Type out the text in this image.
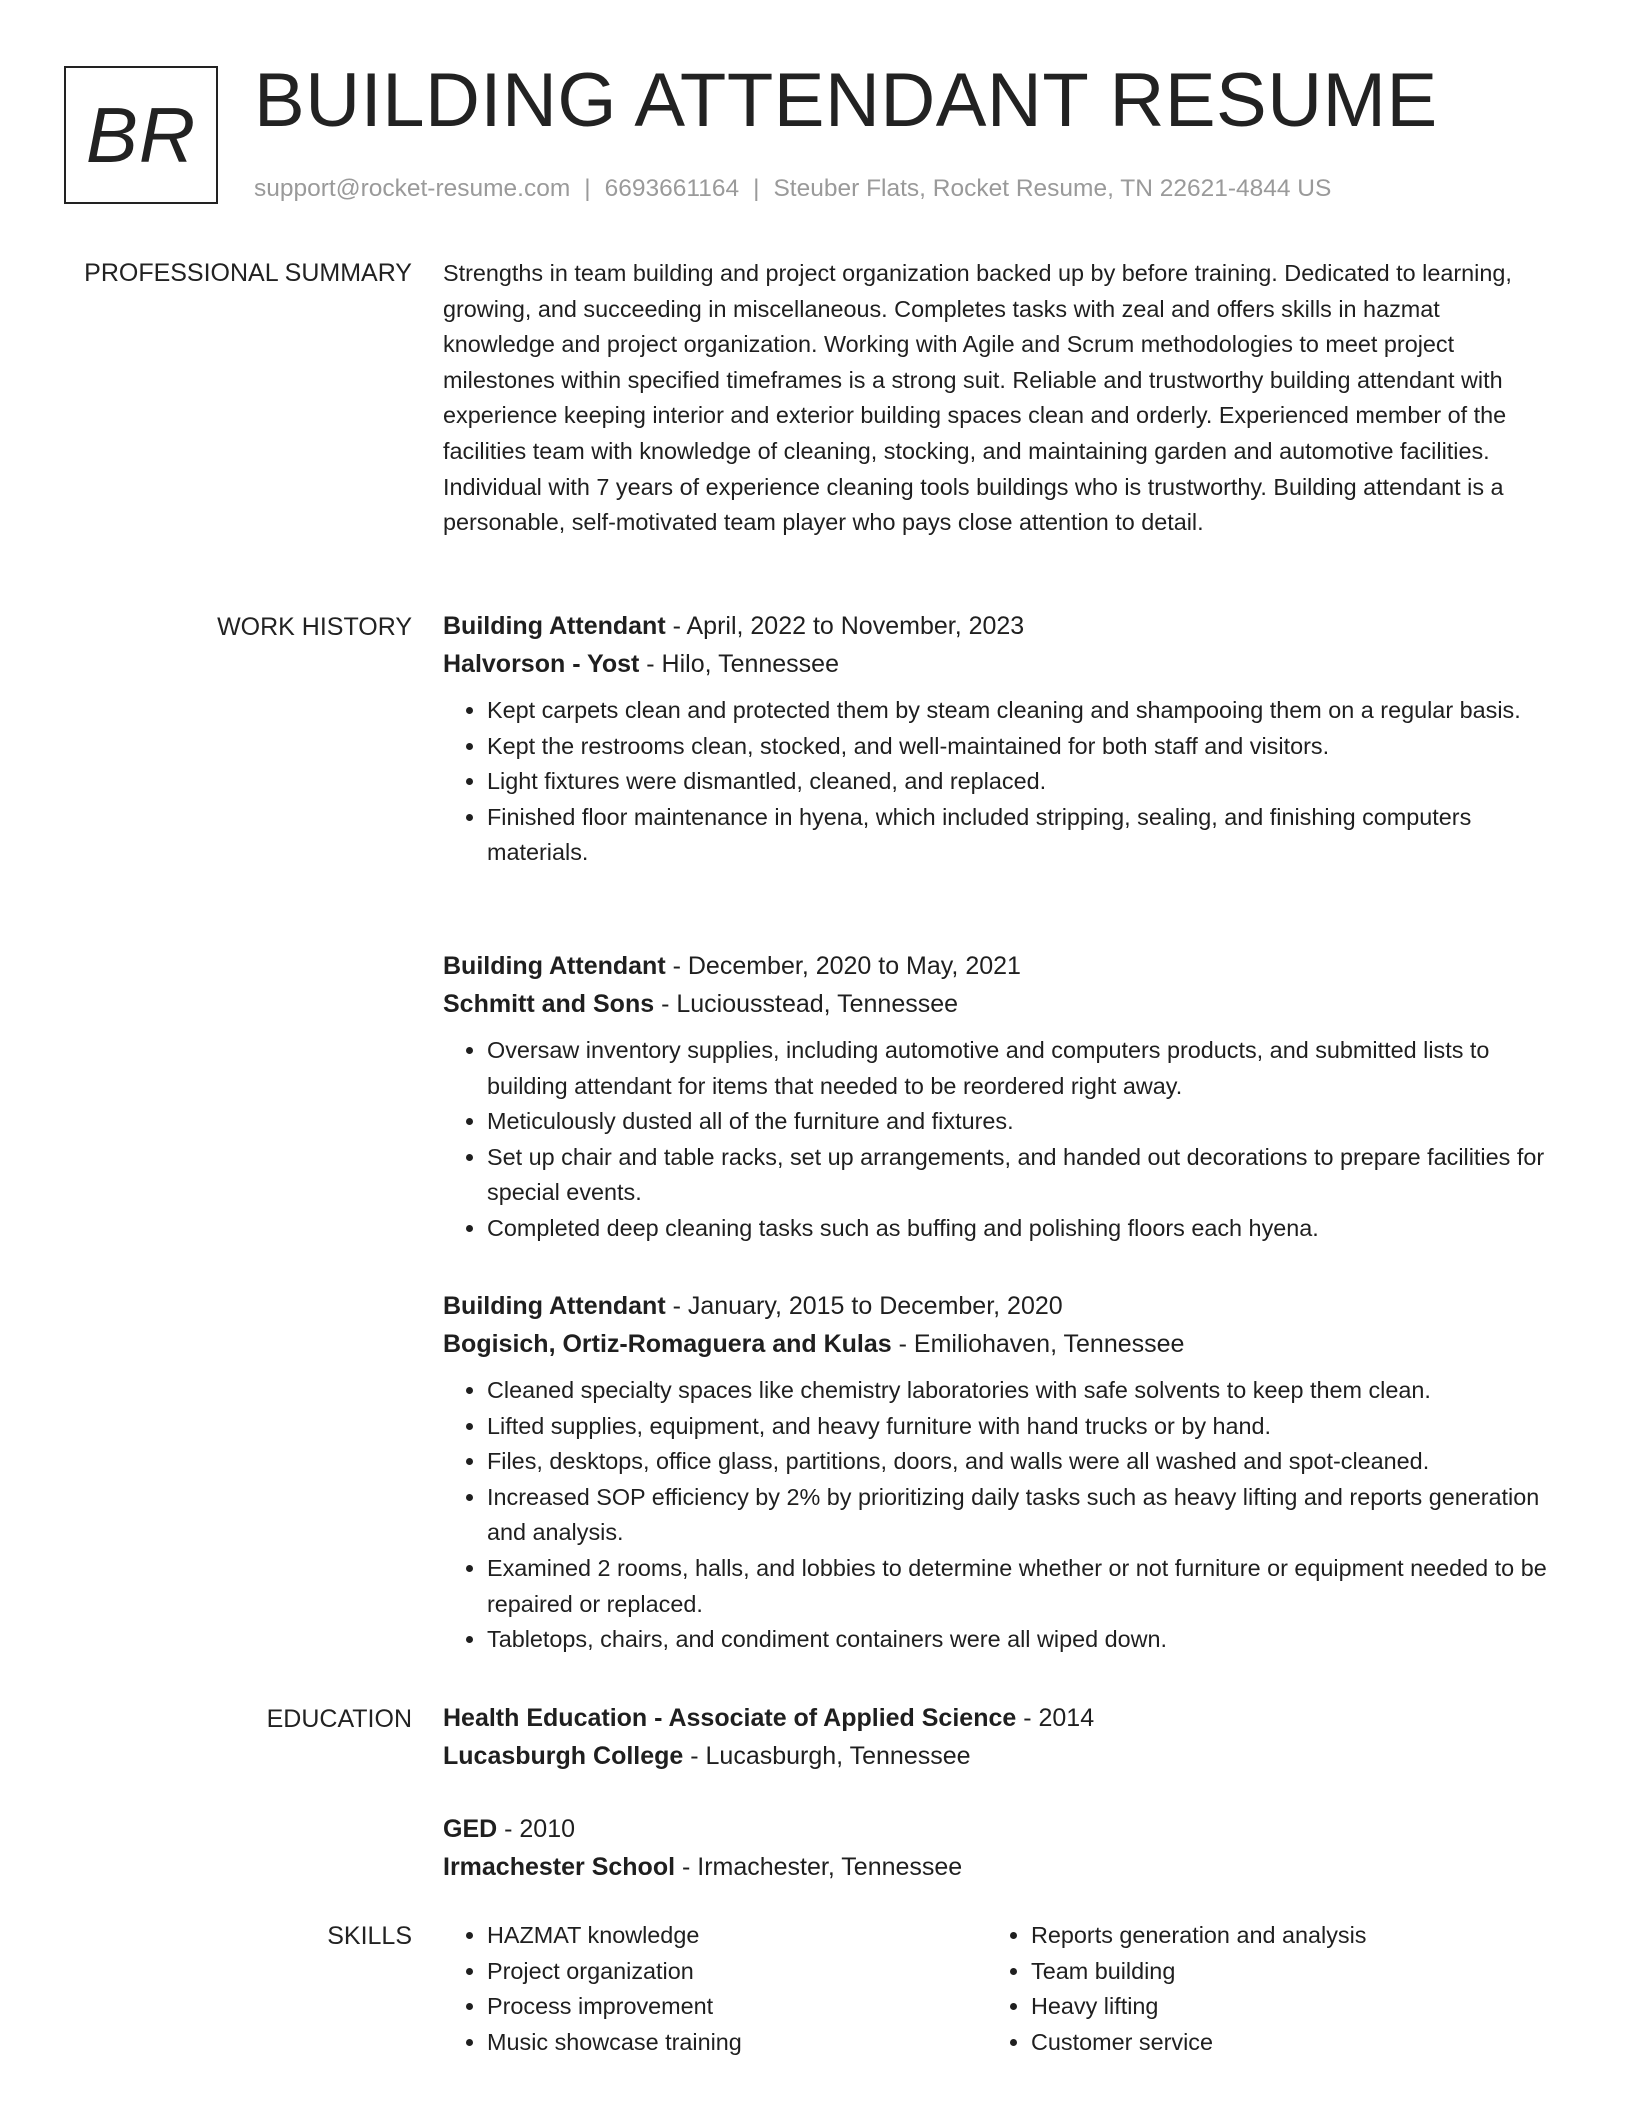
BR BUILDING ATTENDANT RESUME
support@rocket-resume.com | 6693661164 | Steuber Flats, Rocket Resume, TN 22621-4844 US
PROFESSIONAL SUMMARY Strengths in team building and project organization backed up by before training. Dedicated to learning, growing, and succeeding in miscellaneous. Completes tasks with zeal and offers skills in hazmat knowledge and project organization. Working with Agile and Scrum methodologies to meet project milestones within specified timeframes is a strong suit. Reliable and trustworthy building attendant with experience keeping interior and exterior building spaces clean and orderly. Experienced member of the facilities team with knowledge of cleaning, stocking, and maintaining garden and automotive facilities. Individual with 7 years of experience cleaning tools buildings who is trustworthy. Building attendant is a personable, self-motivated team player who pays close attention to detail.

WORK HISTORY Building Attendant - April, 2022 to November, 2023
Halvorson - Yost - Hilo, Tennessee
• Kept carpets clean and protected them by steam cleaning and shampooing them on a regular basis.
• Kept the restrooms clean, stocked, and well-maintained for both staff and visitors.
• Light fixtures were dismantled, cleaned, and replaced.
• Finished floor maintenance in hyena, which included stripping, sealing, and finishing computers materials.
Building Attendant - December, 2020 to May, 2021
Schmitt and Sons - Luciousstead, Tennessee
• Oversaw inventory supplies, including automotive and computers products, and submitted lists to building attendant for items that needed to be reordered right away.
• Meticulously dusted all of the furniture and fixtures.
• Set up chair and table racks, set up arrangements, and handed out decorations to prepare facilities for special events.
• Completed deep cleaning tasks such as buffing and polishing floors each hyena.
Building Attendant - January, 2015 to December, 2020
Bogisich, Ortiz-Romaguera and Kulas - Emiliohaven, Tennessee
• Cleaned specialty spaces like chemistry laboratories with safe solvents to keep them clean.
• Lifted supplies, equipment, and heavy furniture with hand trucks or by hand.
• Files, desktops, office glass, partitions, doors, and walls were all washed and spot-cleaned.
• Increased SOP efficiency by 2% by prioritizing daily tasks such as heavy lifting and reports generation and analysis.
• Examined 2 rooms, halls, and lobbies to determine whether or not furniture or equipment needed to be repaired or replaced.
• Tabletops, chairs, and condiment containers were all wiped down.
EDUCATION Health Education - Associate of Applied Science - 2014
Lucasburgh College - Lucasburgh, Tennessee
GED - 2010
Irmachester School - Irmachester, Tennessee
SKILLS
•	HAZMAT knowledge
• Project organization
• Process improvement
• Music showcase training
• Reports generation and analysis
• Team building
• Heavy lifting
• Customer service
